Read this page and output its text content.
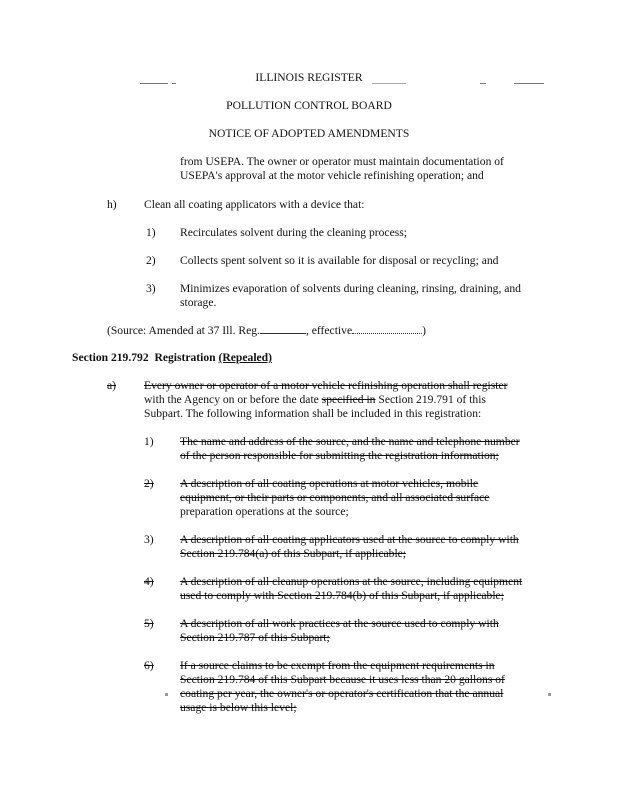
ILLINOIS REGISTER
POLLUTION CONTROL BOARD
NOTICE OF ADOPTED AMENDMENTS
from USEPA. The owner or operator must maintain documentation of
USEPA's approval at the motor vehicle refinishing operation; and
h) Clean all coating applicators with a device that:
1) Recirculates solvent during the cleaning process;
2) Collects spent solvent so it is available for disposal or recycling; and
3) Minimizes evaporation of solvents during cleaning, rinsing, draining, and
storage.
(Source: Amended at 37 Ill. Reg.	, effective	)
Section 219.792 Registration (Repealed)
a) Every owner or operator of a motor vehicle refinishing operation shall register
with the Agency on or before the date specified in Section 219.791 of this
Subpart. The following information shall be included in this registration:
1) The name and address of the source, and the name and telephone number
of the person responsible for submitting the registration information;
2) A description of all coating operations at motor vehicles, mobile
equipment, or their parts or components, and all associated surface
preparation operations at the source;
3) A description of all coating applicators used at the source to comply with
Section 219.784(a) of this Subpart, if applicable;
4) A description of all cleanup operations at the source, including equipment
used to comply with Section 219.784(b) of this Subpart, if applicable;
5) A description of all work practices at the source used to comply with
Section 219.787 of this Subpart;
6) If a source claims to be exempt from the equipment requirements in
Section 219.784 of this Subpart because it uses less than 20 gallons of
coating per year, the owner's or operator's certification that the annual
usage is below this level;
